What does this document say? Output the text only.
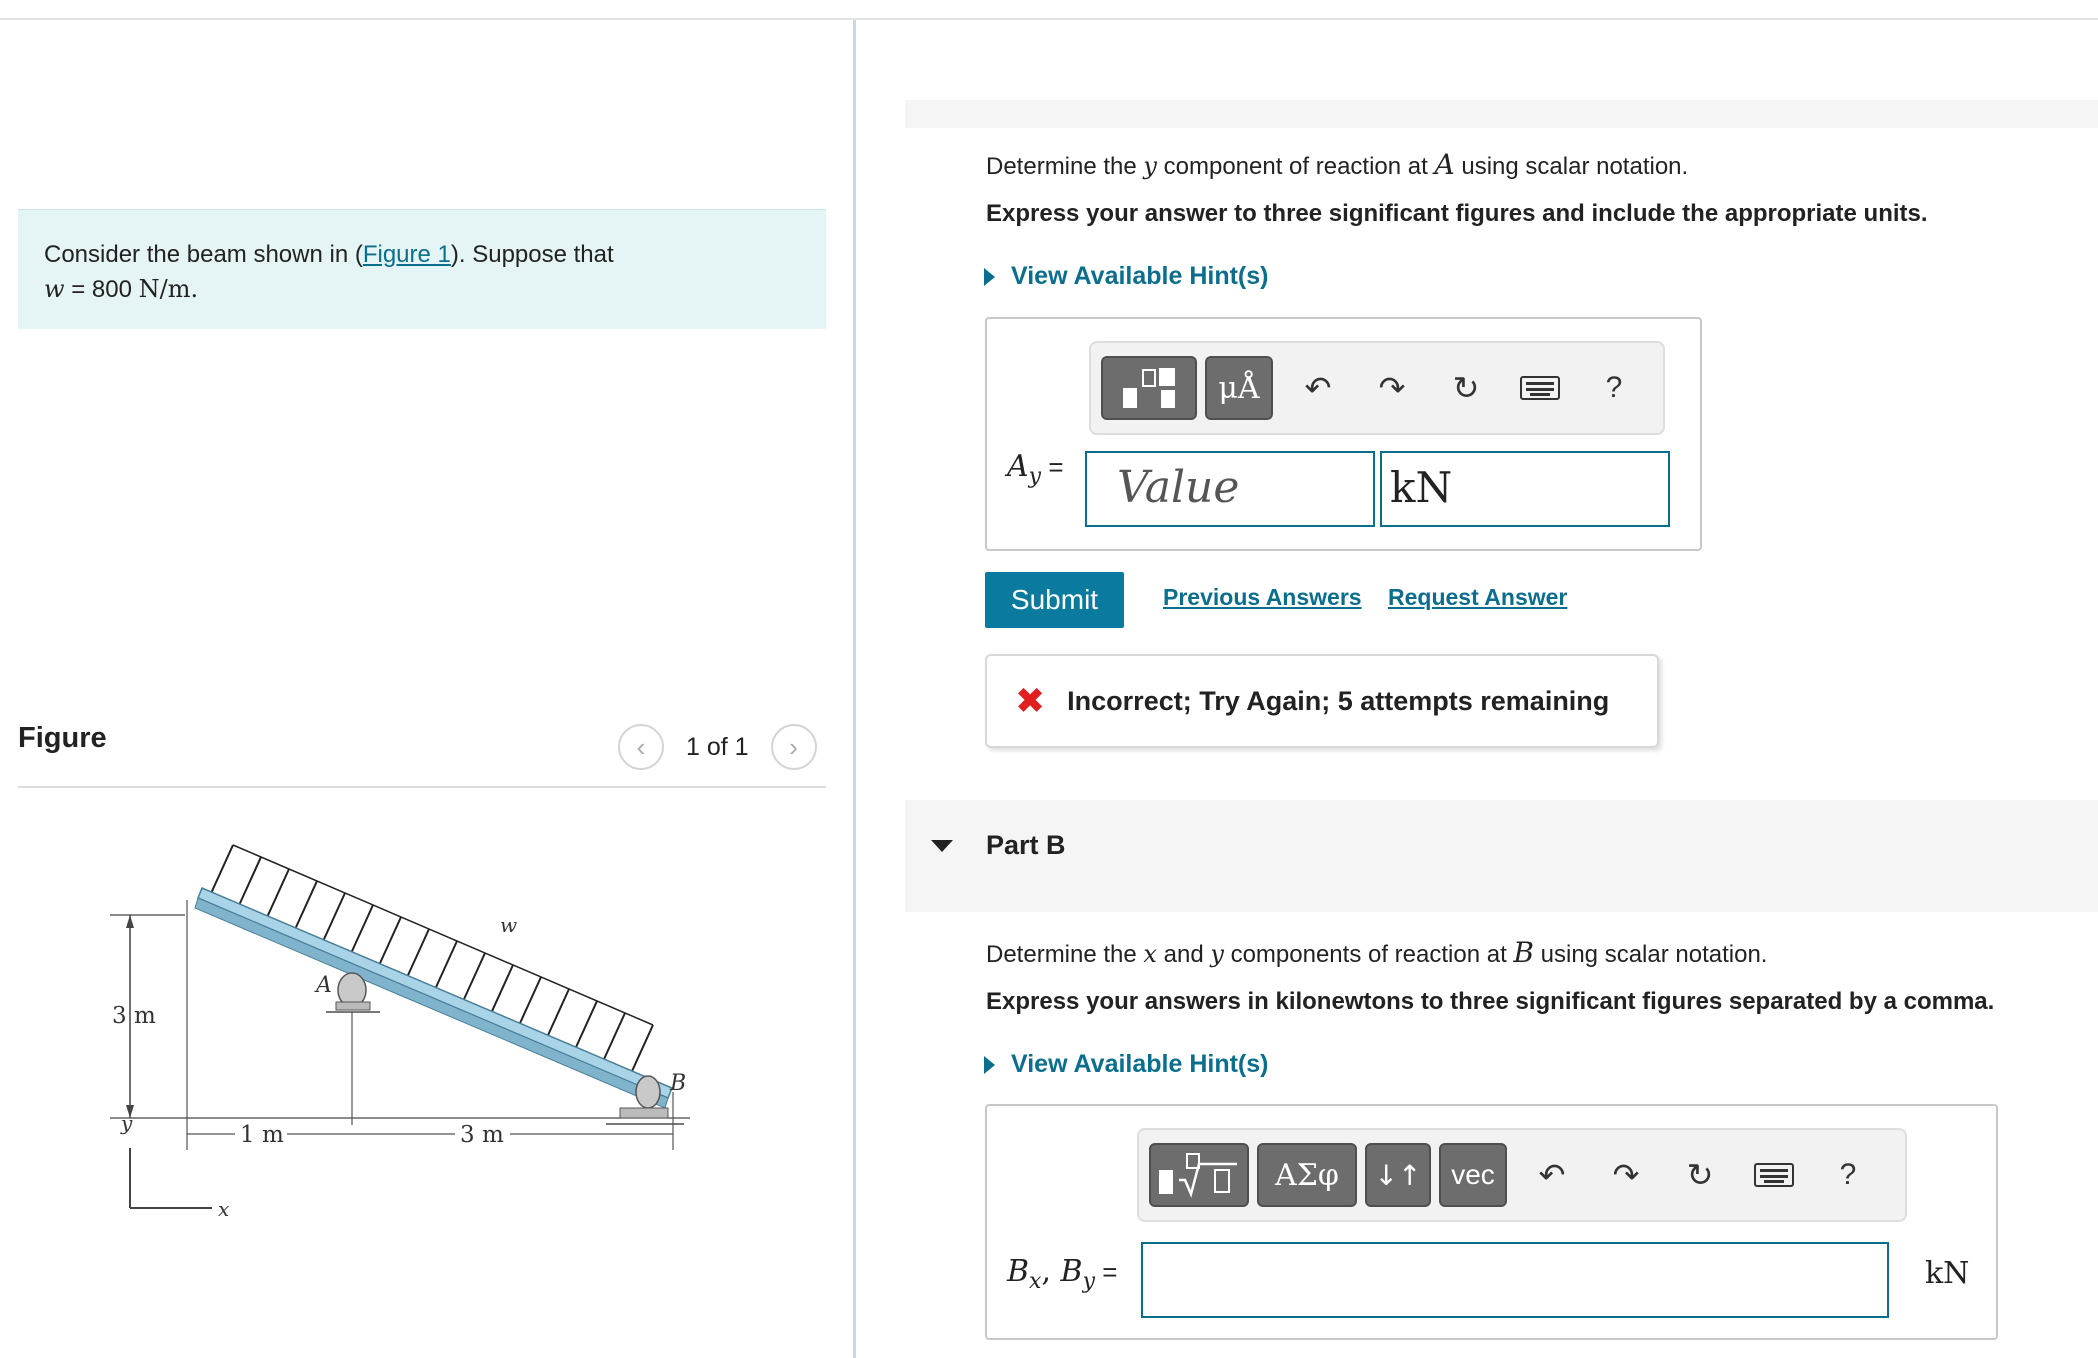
Consider the beam shown in (Figure 1). Suppose that
w = 800 N/m.
Figure	‹ 1 of 1 ›
3 m
w
A
B
1 m	3 m
y
x
Determine the y component of reaction at A using scalar notation.
Express your answer to three significant figures and include the appropriate units.
View Available Hint(s)
μÅ	↶	↷	↻	?
$A_y$ =	Value	kN
Submit	Previous Answers Request Answer
✖ Incorrect; Try Again; 5 attempts remaining
Part B
Determine the x and y components of reaction at B using scalar notation.
Express your answers in kilonewtons to three significant figures separated by a comma.
View Available Hint(s)
ΑΣφ	↓↑	vec	↶	↷	↻	?
$B_x$, $B_y$ =	kN
